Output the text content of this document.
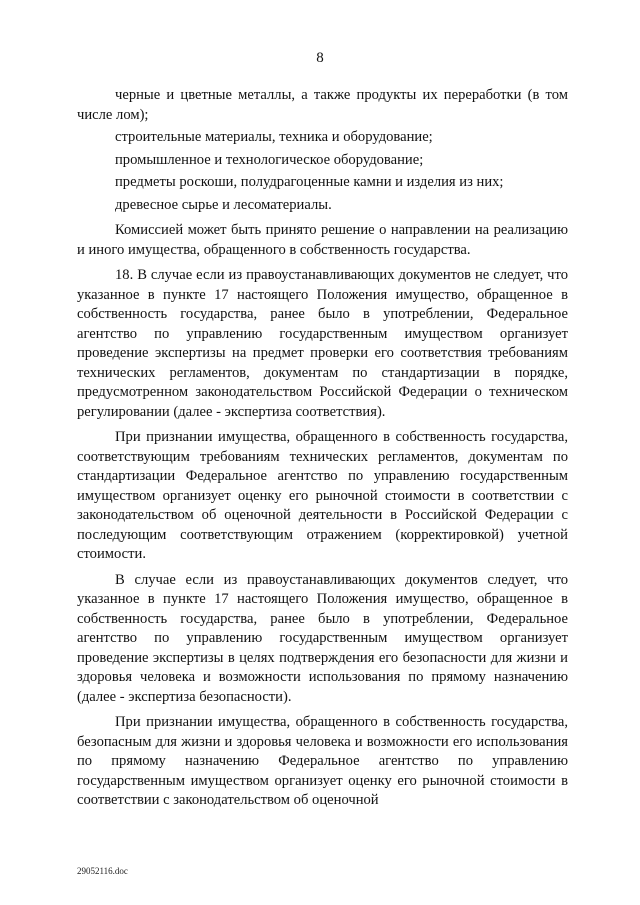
8

черные и цветные металлы, а также продукты их переработки (в том числе лом);

строительные материалы, техника и оборудование;

промышленное и технологическое оборудование;

предметы роскоши, полудрагоценные камни и изделия из них;

древесное сырье и лесоматериалы.

Комиссией может быть принято решение о направлении на реализацию и иного имущества, обращенного в собственность государства.

18. В случае если из правоустанавливающих документов не следует, что указанное в пункте 17 настоящего Положения имущество, обращенное в собственность государства, ранее было в употреблении, Федеральное агентство по управлению государственным имуществом организует проведение экспертизы на предмет проверки его соответствия требованиям технических регламентов, документам по стандартизации в порядке, предусмотренном законодательством Российской Федерации о техническом регулировании (далее - экспертиза соответствия).

При признании имущества, обращенного в собственность государства, соответствующим требованиям технических регламентов, документам по стандартизации Федеральное агентство по управлению государственным имуществом организует оценку его рыночной стоимости в соответствии с законодательством об оценочной деятельности в Российской Федерации с последующим соответствующим отражением (корректировкой) учетной стоимости.

В случае если из правоустанавливающих документов следует, что указанное в пункте 17 настоящего Положения имущество, обращенное в собственность государства, ранее было в употреблении, Федеральное агентство по управлению государственным имуществом организует проведение экспертизы в целях подтверждения его безопасности для жизни и здоровья человека и возможности использования по прямому назначению (далее - экспертиза безопасности).

При признании имущества, обращенного в собственность государства, безопасным для жизни и здоровья человека и возможности его использования по прямому назначению Федеральное агентство по управлению государственным имуществом организует оценку его рыночной стоимости в соответствии с законодательством об оценочной

29052116.doc
